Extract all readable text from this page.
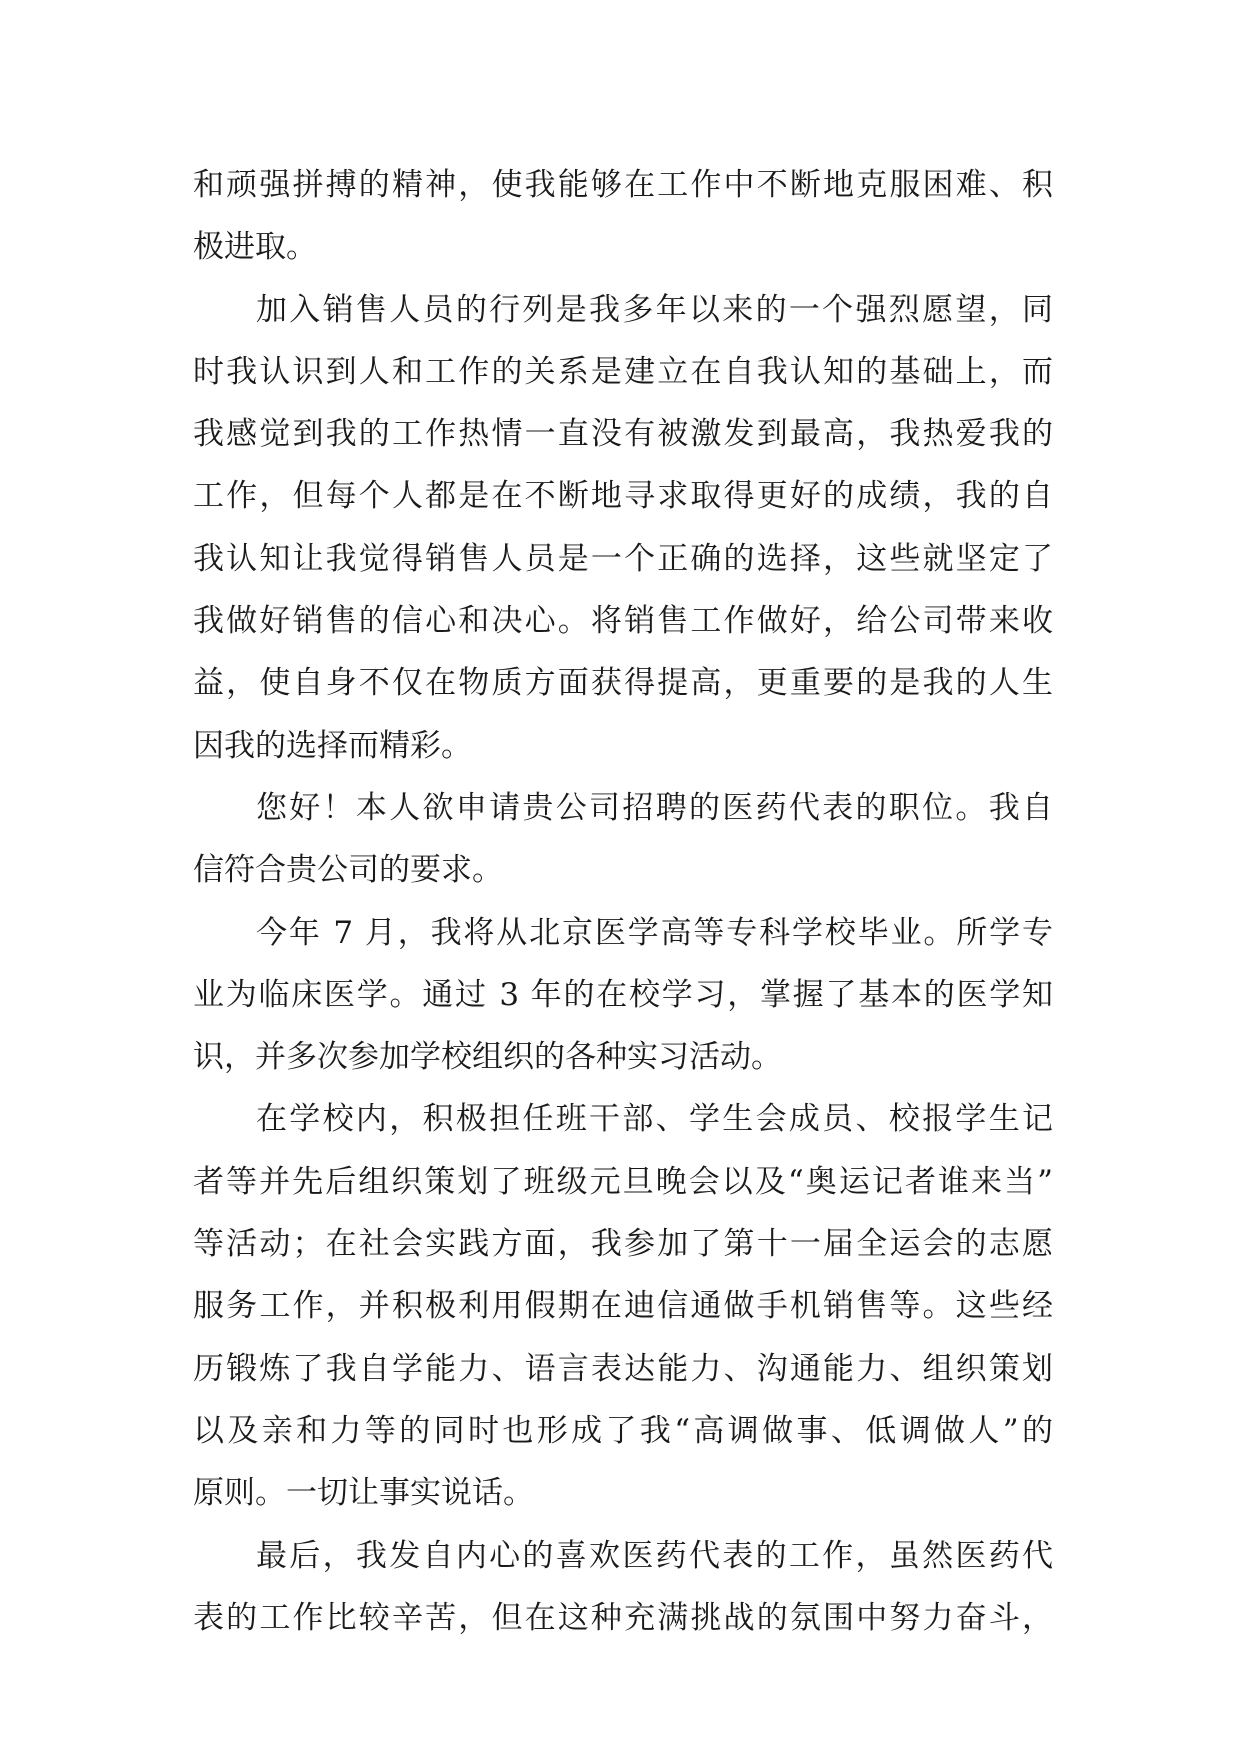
和顽强拼搏的精神，使我能够在工作中不断地克服困难、积
极进取。
加入销售人员的行列是我多年以来的一个强烈愿望，同
时我认识到人和工作的关系是建立在自我认知的基础上，而
我感觉到我的工作热情一直没有被激发到最高，我热爱我的
工作，但每个人都是在不断地寻求取得更好的成绩，我的自
我认知让我觉得销售人员是一个正确的选择，这些就坚定了
我做好销售的信心和决心。将销售工作做好，给公司带来收
益，使自身不仅在物质方面获得提高，更重要的是我的人生
因我的选择而精彩。
您好！本人欲申请贵公司招聘的医药代表的职位。我自
信符合贵公司的要求。
今年 7 月，我将从北京医学高等专科学校毕业。所学专
业为临床医学。通过 3 年的在校学习，掌握了基本的医学知
识，并多次参加学校组织的各种实习活动。
在学校内，积极担任班干部、学生会成员、校报学生记
者等并先后组织策划了班级元旦晚会以及“奥运记者谁来当”
等活动；在社会实践方面，我参加了第十一届全运会的志愿
服务工作，并积极利用假期在迪信通做手机销售等。这些经
历锻炼了我自学能力、语言表达能力、沟通能力、组织策划
以及亲和力等的同时也形成了我“高调做事、低调做人”的
原则。一切让事实说话。
最后，我发自内心的喜欢医药代表的工作，虽然医药代
表的工作比较辛苦，但在这种充满挑战的氛围中努力奋斗，
